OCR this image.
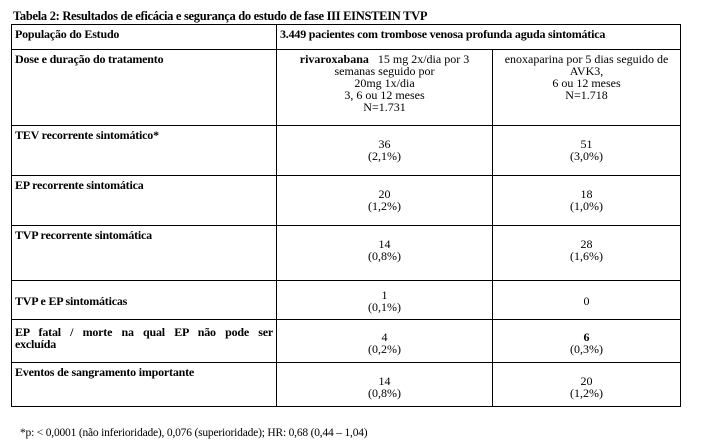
Tabela 2: Resultados de eficácia e segurança do estudo de fase III EINSTEIN TVP
População do Estudo	3.449 pacientes com trombose venosa profunda aguda sintomática	
Dose e duração do tratamento	rivaroxabana 15 mg 2x/dia por 3
semanas seguido por
20mg 1x/dia
3, 6 ou 12 meses
N=1.731	enoxaparina por 5 dias seguido de
AVK3,
6 ou 12 meses
N=1.718

TEV recorrente sintomático*	36
(2,1%)	51
(3,0%)

EP recorrente sintomática	20
(1,2%)	18
(1,0%)

TVP recorrente sintomática	14
(0,8%)	28
(1,6%)

TVP e EP sintomáticas	1
(0,1%)	0

EP fatal / morte na qual EP não pode ser
excluída	4
(0,2%)	6
(0,3%)

Eventos de sangramento importante	14
(0,8%)	20
(1,2%)
*p: < 0,0001 (não inferioridade), 0,076 (superioridade); HR: 0,68 (0,44 – 1,04)
